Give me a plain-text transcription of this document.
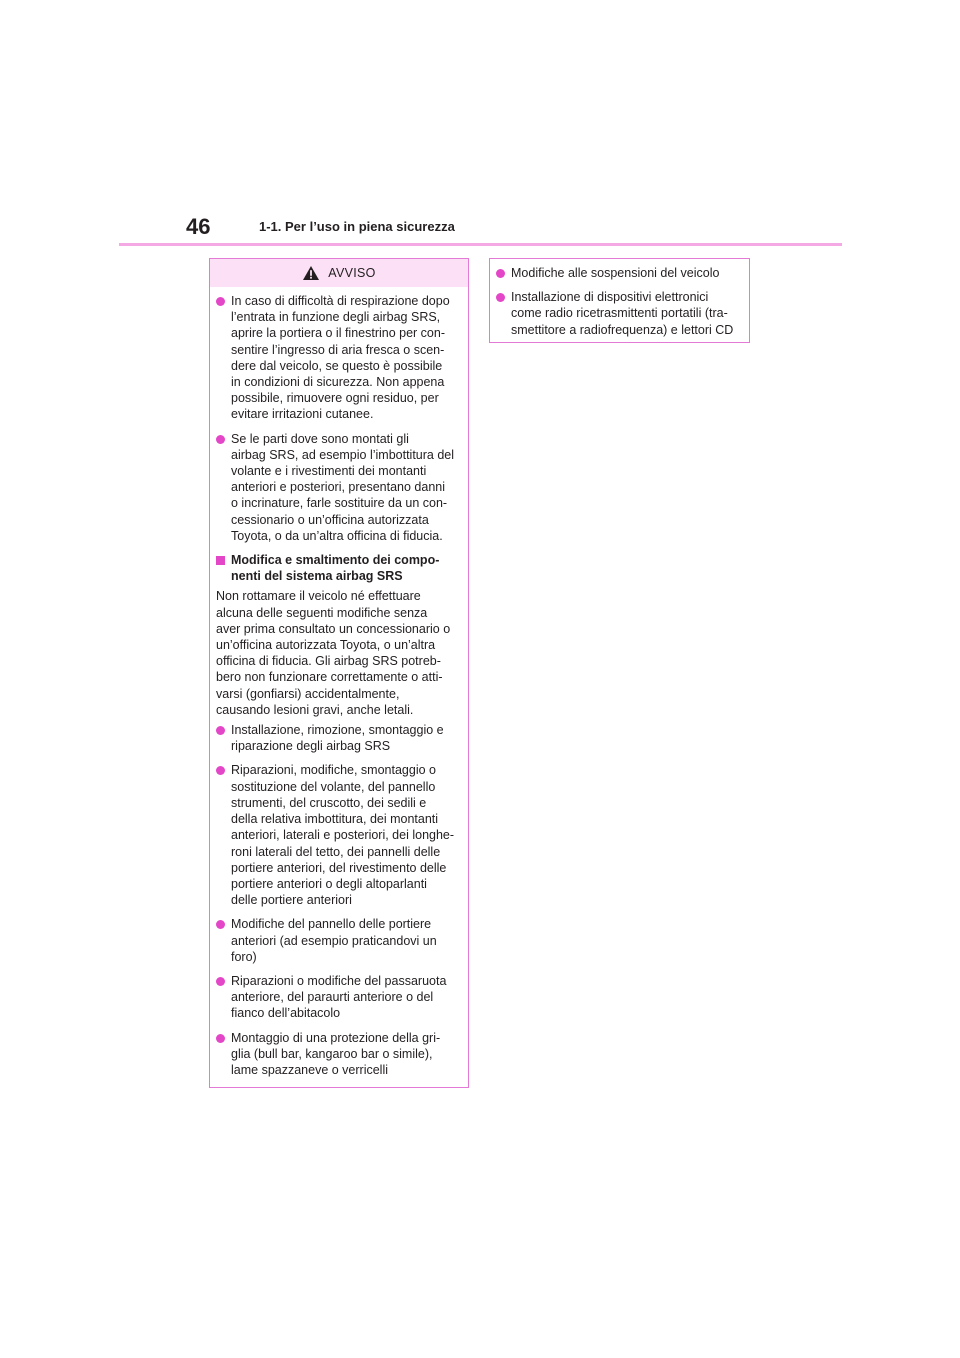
46	1-1. Per l’uso in piena sicurezza
AVVISO
In caso di difficoltà di respirazione dopo
l’entrata in funzione degli airbag SRS,
aprire la portiera o il finestrino per con-
sentire l’ingresso di aria fresca o scen-
dere dal veicolo, se questo è possibile
in condizioni di sicurezza. Non appena
possibile, rimuovere ogni residuo, per
evitare irritazioni cutanee.
Se le parti dove sono montati gli
airbag SRS, ad esempio l’imbottitura del
volante e i rivestimenti dei montanti
anteriori e posteriori, presentano danni
o incrinature, farle sostituire da un con-
cessionario o un’officina autorizzata
Toyota, o da un’altra officina di fiducia.
Modifica e smaltimento dei compo-
nenti del sistema airbag SRS

Non rottamare il veicolo né effettuare
alcuna delle seguenti modifiche senza
aver prima consultato un concessionario o
un’officina autorizzata Toyota, o un’altra
officina di fiducia. Gli airbag SRS potreb-
bero non funzionare correttamente o atti-
varsi (gonfiarsi) accidentalmente,
causando lesioni gravi, anche letali.

Installazione, rimozione, smontaggio e
riparazione degli airbag SRS
Riparazioni, modifiche, smontaggio o
sostituzione del volante, del pannello
strumenti, del cruscotto, dei sedili e
della relativa imbottitura, dei montanti
anteriori, laterali e posteriori, dei longhe-
roni laterali del tetto, dei pannelli delle
portiere anteriori, del rivestimento delle
portiere anteriori o degli altoparlanti
delle portiere anteriori
Modifiche del pannello delle portiere
anteriori (ad esempio praticandovi un
foro)
Riparazioni o modifiche del passaruota
anteriore, del paraurti anteriore o del
fianco dell’abitacolo
Montaggio di una protezione della gri-
glia (bull bar, kangaroo bar o simile),
lame spazzaneve o verricelli
Modifiche alle sospensioni del veicolo
Installazione di dispositivi elettronici
come radio ricetrasmittenti portatili (tra-
smettitore a radiofrequenza) e lettori CD
